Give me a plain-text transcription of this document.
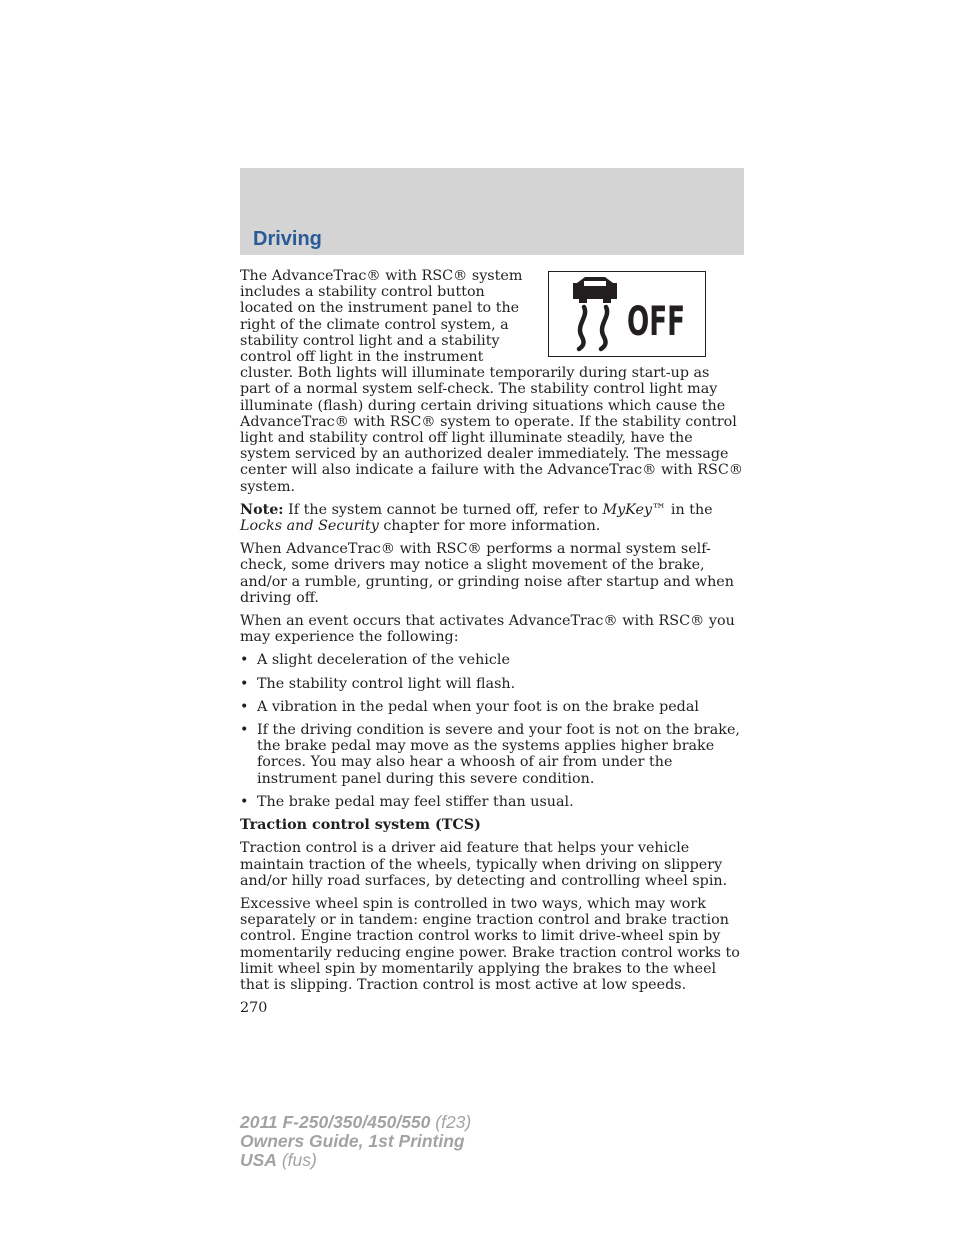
Driving
OFF

The AdvanceTrac® with RSC® system includes a stability control button located on the instrument panel to the right of the climate control system, a stability control light and a stability control off light in the instrument cluster. Both lights will illuminate temporarily during start-up as part of a normal system self-check. The stability control light may illuminate (flash) during certain driving situations which cause the AdvanceTrac® with RSC® system to operate. If the stability control light and stability control off light illuminate steadily, have the system serviced by an authorized dealer immediately. The message center will also indicate a failure with the AdvanceTrac® with RSC® system.

Note: If the system cannot be turned off, refer to MyKey™ in the Locks and Security chapter for more information.

When AdvanceTrac® with RSC® performs a normal system self-check, some drivers may notice a slight movement of the brake, and/or a rumble, grunting, or grinding noise after startup and when driving off.

When an event occurs that activates AdvanceTrac® with RSC® you may experience the following:

• A slight deceleration of the vehicle
• The stability control light will flash.
• A vibration in the pedal when your foot is on the brake pedal
• If the driving condition is severe and your foot is not on the brake, the brake pedal may move as the systems applies higher brake forces. You may also hear a whoosh of air from under the instrument panel during this severe condition.
• The brake pedal may feel stiffer than usual.

Traction control system (TCS)

Traction control is a driver aid feature that helps your vehicle maintain traction of the wheels, typically when driving on slippery and/or hilly road surfaces, by detecting and controlling wheel spin.

Excessive wheel spin is controlled in two ways, which may work separately or in tandem: engine traction control and brake traction control. Engine traction control works to limit drive-wheel spin by momentarily reducing engine power. Brake traction control works to limit wheel spin by momentarily applying the brakes to the wheel that is slipping. Traction control is most active at low speeds.

270
2011 F-250/350/450/550 (f23)
Owners Guide, 1st Printing
USA (fus)
